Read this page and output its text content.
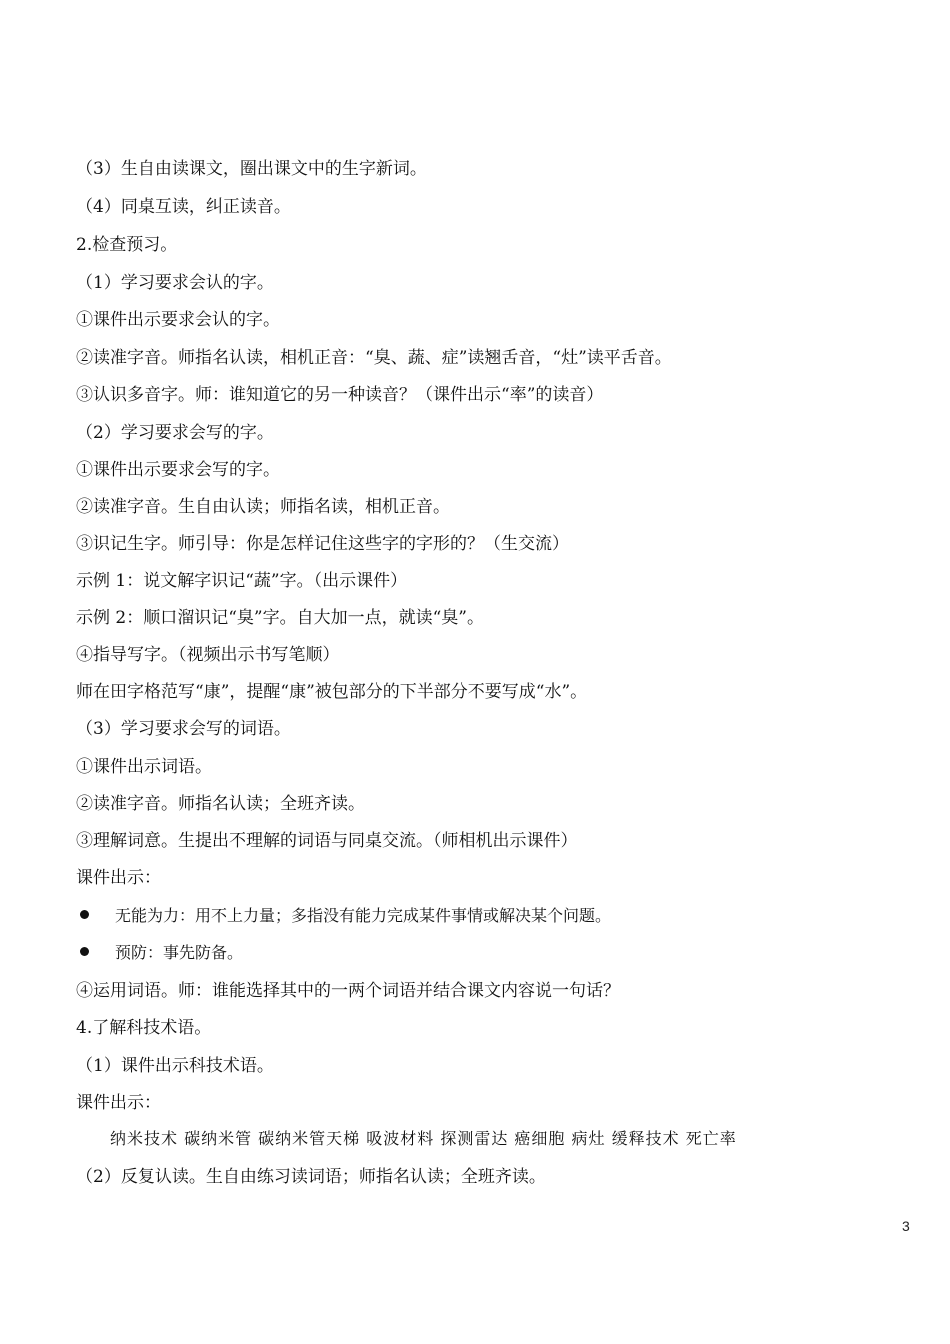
（3）生自由读课文，圈出课文中的生字新词。
（4）同桌互读，纠正读音。
2.检查预习。
（1）学习要求会认的字。
①课件出示要求会认的字。
②读准字音。师指名认读，相机正音：“臭、蔬、症”读翘舌音，“灶”读平舌音。
③认识多音字。师：谁知道它的另一种读音？（课件出示“率”的读音）
（2）学习要求会写的字。
①课件出示要求会写的字。
②读准字音。生自由认读；师指名读，相机正音。
③识记生字。师引导：你是怎样记住这些字的字形的？（生交流）
示例 1：说文解字识记“蔬”字。（出示课件）
示例 2：顺口溜识记“臭”字。自大加一点，就读“臭”。
④指导写字。（视频出示书写笔顺）
师在田字格范写“康”，提醒“康”被包部分的下半部分不要写成“水”。
（3）学习要求会写的词语。
①课件出示词语。
②读准字音。师指名认读；全班齐读。
③理解词意。生提出不理解的词语与同桌交流。（师相机出示课件）
课件出示：
无能为力：用不上力量；多指没有能力完成某件事情或解决某个问题。
预防：事先防备。
④运用词语。师：谁能选择其中的一两个词语并结合课文内容说一句话？
4.了解科技术语。
（1）课件出示科技术语。
课件出示：
纳米技术 碳纳米管 碳纳米管天梯 吸波材料 探测雷达 癌细胞 病灶 缓释技术 死亡率
（2）反复认读。生自由练习读词语；师指名认读；全班齐读。
3
